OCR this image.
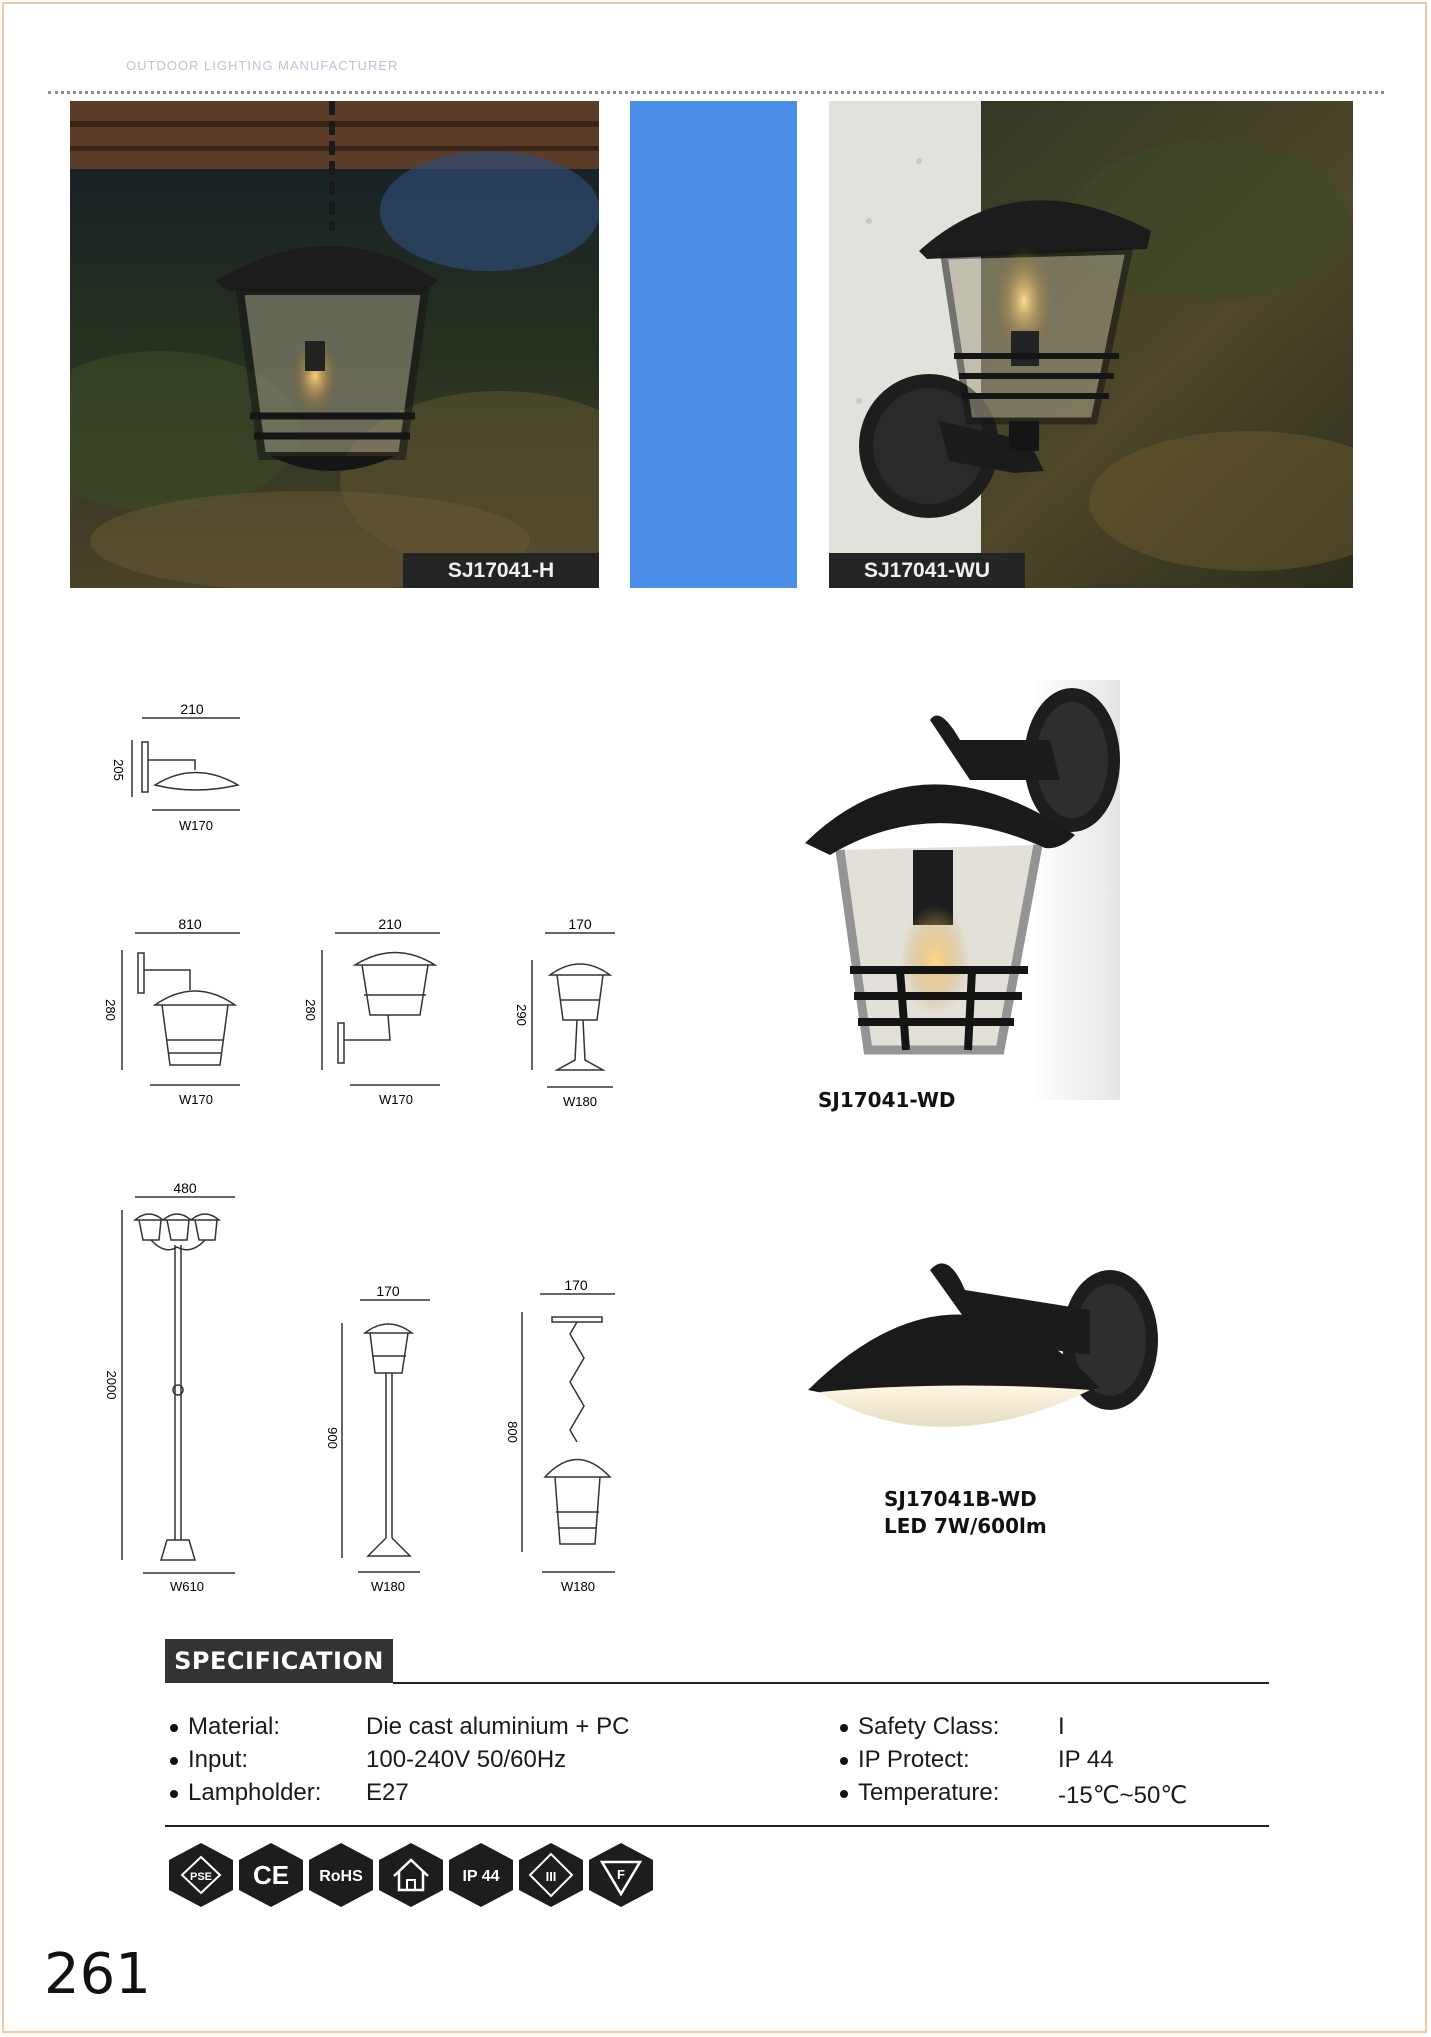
OUTDOOR LIGHTING MANUFACTURER
SJ17041-H	SJ17041-WU
210
205
W170
810
280
W170
210
280
W170
170
290
W180
480
2000
W610
170
900
W180
170
800
W180
SJ17041-WD
SJ17041B-WD
LED 7W/600lm
SPECIFICATION
Material:	Die cast aluminium + PC
Input:	100-240V 50/60Hz
Lampholder: E27
Safety Class: I
IP Protect:	IP 44
Temperature: -15℃~50℃
PSE CE RoHS	IP 44	III	F
261
